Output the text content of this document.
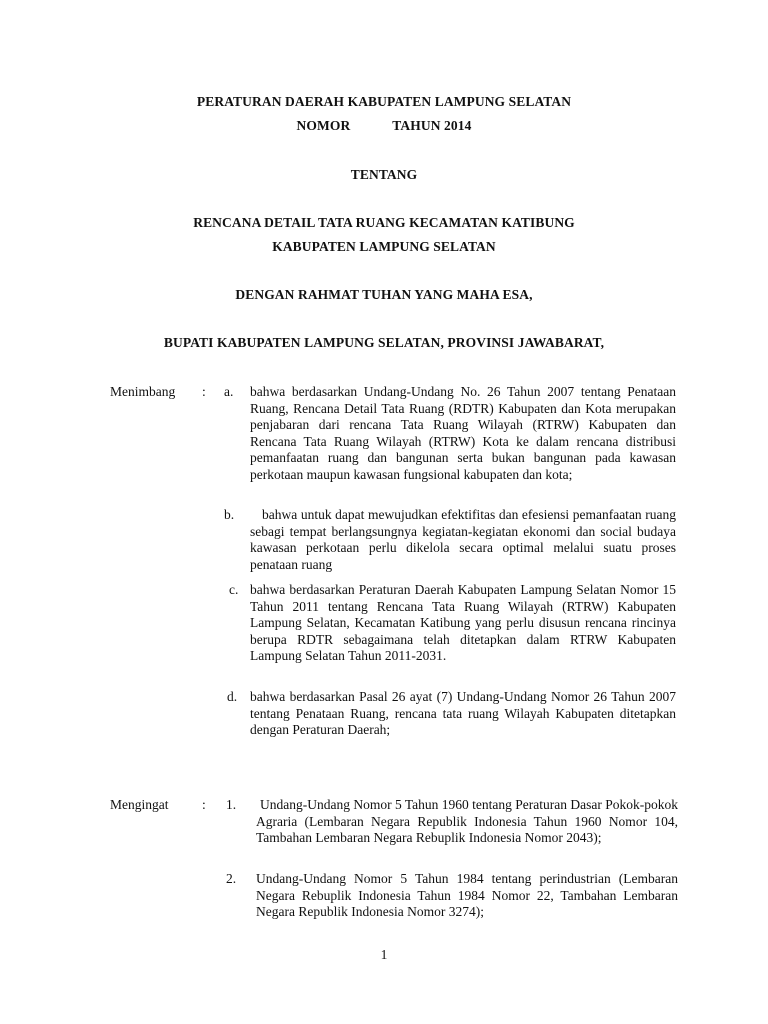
PERATURAN DAERAH KABUPATEN LAMPUNG SELATAN
NOMOR	TAHUN 2014
TENTANG
RENCANA DETAIL TATA RUANG KECAMATAN KATIBUNG
KABUPATEN LAMPUNG SELATAN
DENGAN RAHMAT TUHAN YANG MAHA ESA,
BUPATI KABUPATEN LAMPUNG SELATAN, PROVINSI JAWABARAT,
Menimbang : a. bahwa berdasarkan Undang-Undang No. 26 Tahun 2007 tentang Penataan Ruang, Rencana Detail Tata Ruang (RDTR) Kabupaten dan Kota merupakan penjabaran dari rencana Tata Ruang Wilayah (RTRW) Kabupaten dan Rencana Tata Ruang Wilayah (RTRW) Kota ke dalam rencana distribusi pemanfaatan ruang dan bangunan serta bukan bangunan pada kawasan perkotaan maupun kawasan fungsional kabupaten dan kota;
b.	bahwa untuk dapat mewujudkan efektifitas dan efesiensi pemanfaatan ruang sebagi tempat berlangsungnya kegiatan-kegiatan ekonomi dan social budaya kawasan perkotaan perlu dikelola secara optimal melalui suatu proses penataan ruang
c. bahwa berdasarkan Peraturan Daerah Kabupaten Lampung Selatan Nomor 15 Tahun 2011 tentang Rencana Tata Ruang Wilayah (RTRW) Kabupaten Lampung Selatan, Kecamatan Katibung yang perlu disusun rencana rincinya berupa RDTR sebagaimana telah ditetapkan dalam RTRW Kabupaten Lampung Selatan Tahun 2011-2031.
d. bahwa berdasarkan Pasal 26 ayat (7) Undang-Undang Nomor 26 Tahun 2007 tentang Penataan Ruang, rencana tata ruang Wilayah Kabupaten ditetapkan dengan Peraturan Daerah;
Mengingat : 1. Undang-Undang Nomor 5 Tahun 1960 tentang Peraturan Dasar Pokok-pokok Agraria (Lembaran Negara Republik Indonesia Tahun 1960 Nomor 104, Tambahan Lembaran Negara Rebuplik Indonesia Nomor 2043);
2. Undang-Undang Nomor 5 Tahun 1984 tentang perindustrian (Lembaran Negara Rebuplik Indonesia Tahun 1984 Nomor 22, Tambahan Lembaran Negara Republik Indonesia Nomor 3274);
1
